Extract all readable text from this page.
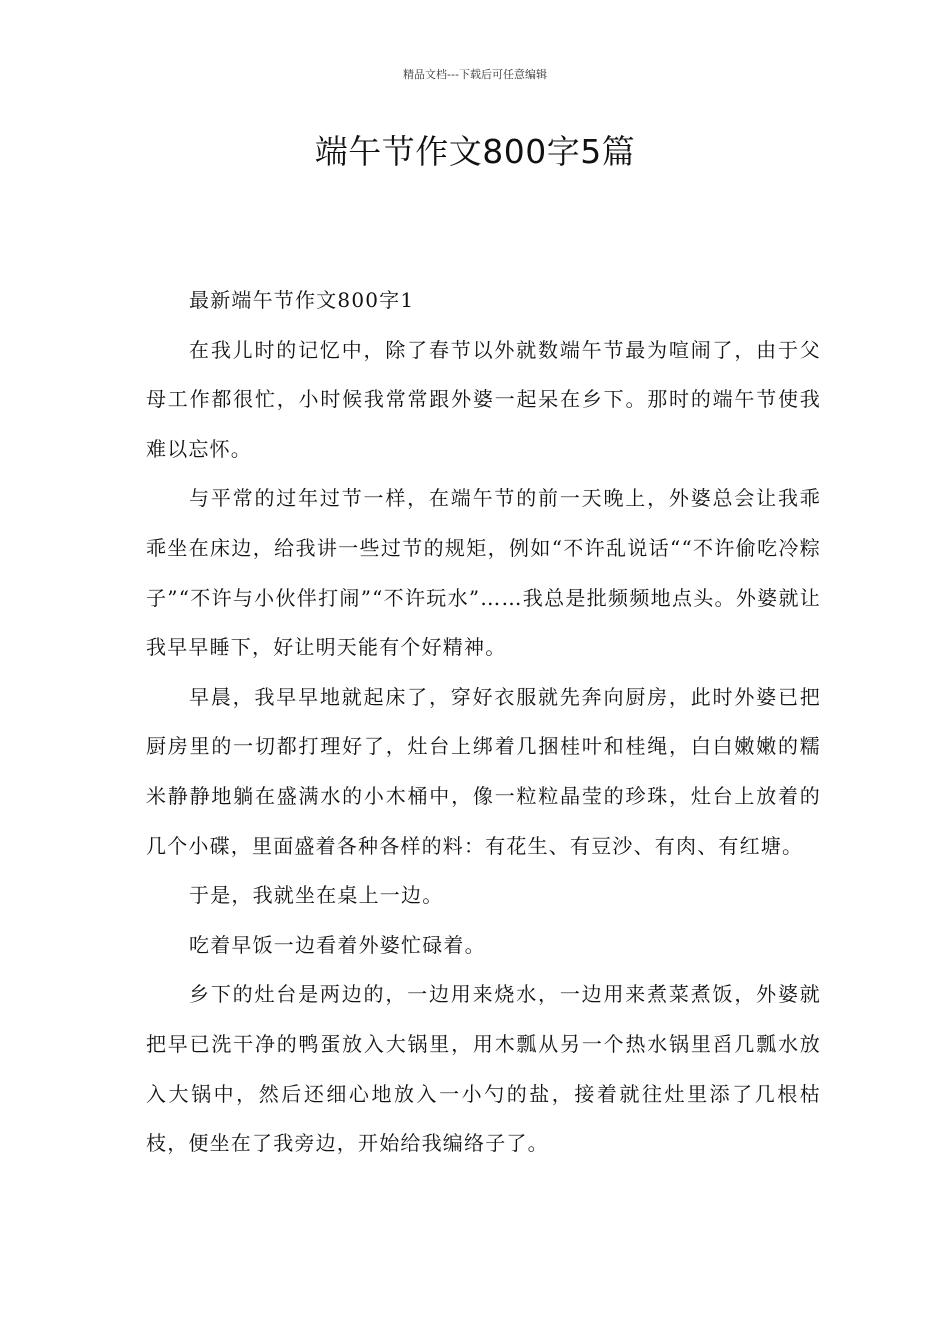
精品文档---下载后可任意编辑
端午节作文800字5篇

最新端午节作文800字1

在我儿时的记忆中，除了春节以外就数端午节最为喧闹了，由于父母工作都很忙，小时候我常常跟外婆一起呆在乡下。那时的端午节使我难以忘怀。

与平常的过年过节一样，在端午节的前一天晚上，外婆总会让我乖乖坐在床边，给我讲一些过节的规矩，例如“不许乱说话““不许偷吃冷粽子”“不许与小伙伴打闹”“不许玩水”……我总是批频频地点头。外婆就让我早早睡下，好让明天能有个好精神。

早晨，我早早地就起床了，穿好衣服就先奔向厨房，此时外婆已把厨房里的一切都打理好了，灶台上绑着几捆桂叶和桂绳，白白嫩嫩的糯米静静地躺在盛满水的小木桶中，像一粒粒晶莹的珍珠，灶台上放着的几个小碟，里面盛着各种各样的料：有花生、有豆沙、有肉、有红塘。

于是，我就坐在桌上一边。

吃着早饭一边看着外婆忙碌着。

乡下的灶台是两边的，一边用来烧水，一边用来煮菜煮饭，外婆就把早已洗干净的鸭蛋放入大锅里，用木瓢从另一个热水锅里舀几瓢水放入大锅中，然后还细心地放入一小勺的盐，接着就往灶里添了几根枯枝，便坐在了我旁边，开始给我编络子了。
